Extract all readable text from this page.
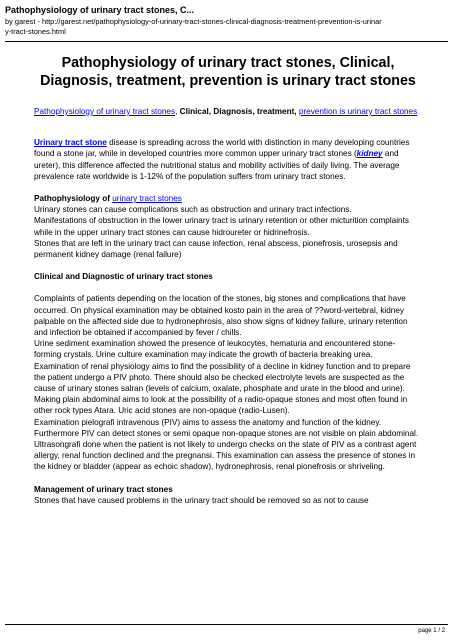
Pathophysiology of urinary tract stones, C...
by garest - http://garest.net/pathophysiology-of-urinary-tract-stones-clinical-diagnosis-treatment-prevention-is-urinar
y-tract-stones.html
Pathophysiology of urinary tract stones, Clinical, Diagnosis, treatment, prevention is urinary tract stones

Pathophysiology of urinary tract stones, Clinical, Diagnosis, treatment, prevention is urinary tract stones

Urinary tract stone disease is spreading across the world with distinction in many developing countries found a stone jar, while in developed countries more common upper urinary tract stones (kidney and ureter), this difference affected the nutritional status and mobility activities of daily living. The average prevalence rate worldwide is 1-12% of the population suffers from urinary tract stones.

Pathophysiology of urinary tract stones

Urinary stones can cause complications such as obstruction and urinary tract infections.

Manifestations of obstruction in the lower urinary tract is urinary retention or other micturition complaints while in the upper urinary tract stones can cause hidroureter or hidrinefrosis.

Stones that are left in the urinary tract can cause infection, renal abscess, pionefrosis, urosepsis and permanent kidney damage (renal failure)

Clinical and Diagnostic of urinary tract stones

Complaints of patients depending on the location of the stones, big stones and complications that have occurred. On physical examination may be obtained kosto pain in the area of ??word-vertebral, kidney palpable on the affected side due to hydronephrosis, also show signs of kidney failure, urinary retention and infection be obtained if accompanied by fever / chills.

Urine sediment examination showed the presence of leukocytes, hematuria and encountered stone-forming crystals. Urine culture examination may indicate the growth of bacteria breaking urea.

Examination of renal physiology aims to find the possibility of a decline in kidney function and to prepare the patient undergo a PIV photo. There should also be checked electrolyte levels are suspected as the cause of urinary stones salran (levels of calcium, oxalate, phosphate and urate in the blood and urine).

Making plain abdominal aims to look at the possibility of a radio-opaque stones and most often found in other rock types Atara. Uric acid stones are non-opaque (radio-Lusen).

Examination pielografi intravenous (PIV) aims to assess the anatomy and function of the kidney. Furthermore PIV can detect stones or semi opaque non-opaque stones are not visible on plain abdominal.

Ultrasongrafi done when the patient is not likely to undergo checks on the state of PIV as a contrast agent allergy, renal function declined and the pregnansi. This examination can assess the presence of stones in the kidney or bladder (appear as echoic shadow), hydronephrosis, renal pionefrosis or shriveling.

Management of urinary tract stones

Stones that have caused problems in the urinary tract should be removed so as not to cause

page 1 / 2
